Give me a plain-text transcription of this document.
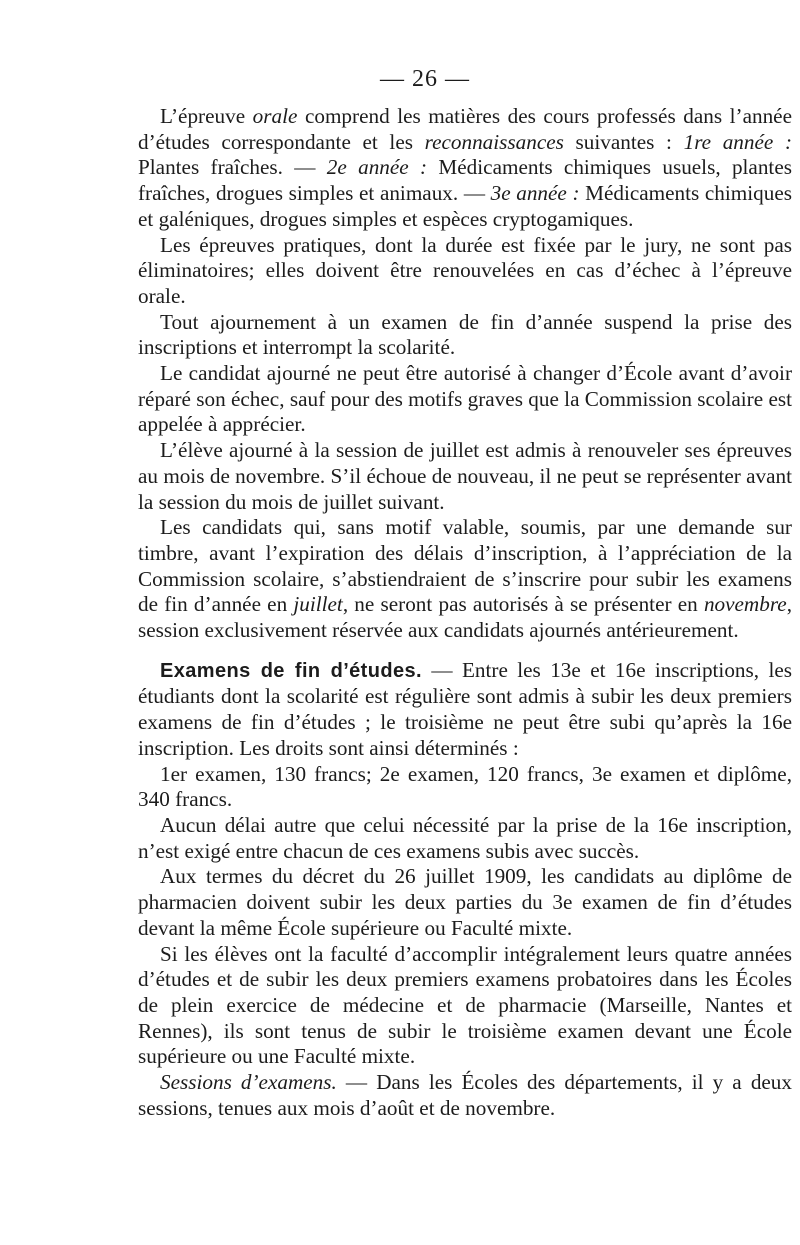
— 26 —

L’épreuve orale comprend les matières des cours professés dans l’année d’études correspondante et les reconnaissances suivantes : 1re année : Plantes fraîches. — 2e année : Médicaments chimiques usuels, plantes fraîches, drogues simples et animaux. — 3e année : Médicaments chimiques et galéniques, drogues simples et espèces cryptogamiques.

Les épreuves pratiques, dont la durée est fixée par le jury, ne sont pas éliminatoires; elles doivent être renouvelées en cas d’échec à l’épreuve orale.

Tout ajournement à un examen de fin d’année suspend la prise des inscriptions et interrompt la scolarité.

Le candidat ajourné ne peut être autorisé à changer d’École avant d’avoir réparé son échec, sauf pour des motifs graves que la Commission scolaire est appelée à apprécier.

L’élève ajourné à la session de juillet est admis à renouveler ses épreuves au mois de novembre. S’il échoue de nouveau, il ne peut se représenter avant la session du mois de juillet suivant.

Les candidats qui, sans motif valable, soumis, par une demande sur timbre, avant l’expiration des délais d’inscription, à l’appréciation de la Commission scolaire, s’abstiendraient de s’inscrire pour subir les examens de fin d’année en juillet, ne seront pas autorisés à se présenter en novembre, session exclusivement réservée aux candidats ajournés antérieurement.

Examens de fin d’études. — Entre les 13e et 16e inscriptions, les étudiants dont la scolarité est régulière sont admis à subir les deux premiers examens de fin d’études ; le troisième ne peut être subi qu’après la 16e inscription. Les droits sont ainsi déterminés :

1er examen, 130 francs; 2e examen, 120 francs, 3e examen et diplôme, 340 francs.

Aucun délai autre que celui nécessité par la prise de la 16e inscription, n’est exigé entre chacun de ces examens subis avec succès.

Aux termes du décret du 26 juillet 1909, les candidats au diplôme de pharmacien doivent subir les deux parties du 3e examen de fin d’études devant la même École supérieure ou Faculté mixte.

Si les élèves ont la faculté d’accomplir intégralement leurs quatre années d’études et de subir les deux premiers examens probatoires dans les Écoles de plein exercice de médecine et de pharmacie (Marseille, Nantes et Rennes), ils sont tenus de subir le troisième examen devant une École supérieure ou une Faculté mixte.

Sessions d’examens. — Dans les Écoles des départements, il y a deux sessions, tenues aux mois d’août et de novembre.
